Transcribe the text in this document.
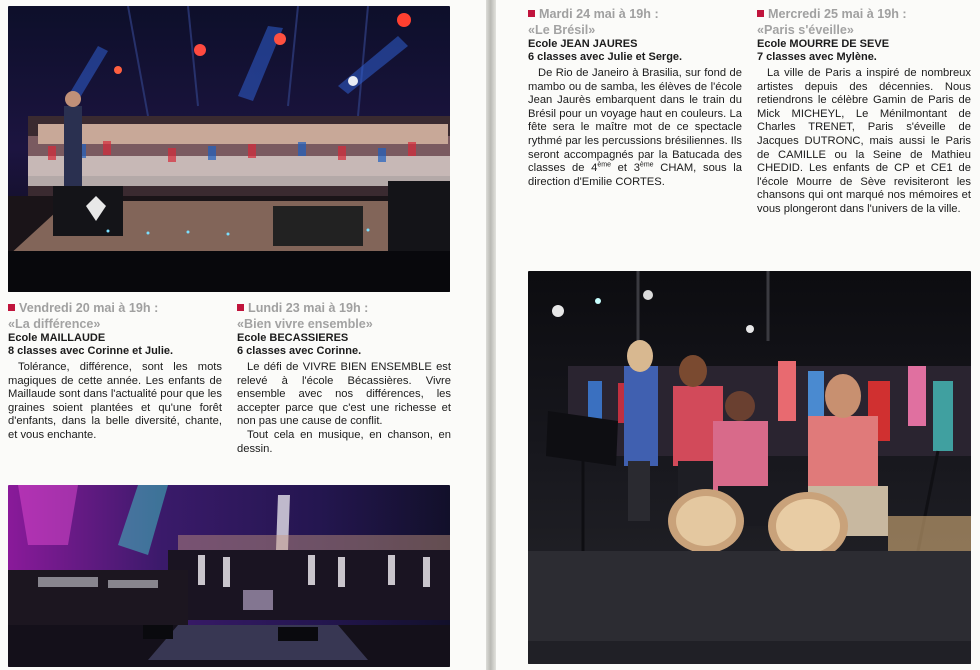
Vendredi 20 mai à 19h :
«La différence»
Ecole MAILLAUDE
8 classes avec Corinne et Julie.

Tolérance, différence, sont les mots magiques de cette année. Les enfants de Maillaude sont dans l'actualité pour que les graines soient plantées et qu'une forêt d'enfants, dans la belle diversité, chante, et vous enchante.

Lundi 23 mai à 19h :
«Bien vivre ensemble»
Ecole BECASSIERES
6 classes avec Corinne.

Le défi de VIVRE BIEN ENSEMBLE est relevé à l'école Bécassières. Vivre ensemble avec nos différences, les accepter parce que c'est une richesse et non pas une cause de conflit.

Tout cela en musique, en chanson, en dessin.

Mardi 24 mai à 19h :
«Le Brésil»
Ecole JEAN JAURES
6 classes avec Julie et Serge.

De Rio de Janeiro à Brasilia, sur fond de mambo ou de samba, les élèves de l'école Jean Jaurès embarquent dans le train du Brésil pour un voyage haut en couleurs. La fête sera le maître mot de ce spectacle rythmé par les percussions brésiliennes. Ils seront accompagnés par la Batucada des classes de 4ème et 3ème CHAM, sous la direction d'Emilie CORTES.

Mercredi 25 mai à 19h :
«Paris s'éveille»
Ecole MOURRE DE SEVE
7 classes avec Mylène.

La ville de Paris a inspiré de nombreux artistes depuis des décennies. Nous retiendrons le célèbre Gamin de Paris de Mick MICHEYL, Le Ménilmontant de Charles TRENET, Paris s'éveille de Jacques DUTRONC, mais aussi le Paris de CAMILLE ou la Seine de Mathieu CHEDID. Les enfants de CP et CE1 de l'école Mourre de Sève revisiteront les chansons qui ont marqué nos mémoires et vous plongeront dans l'univers de la ville.
